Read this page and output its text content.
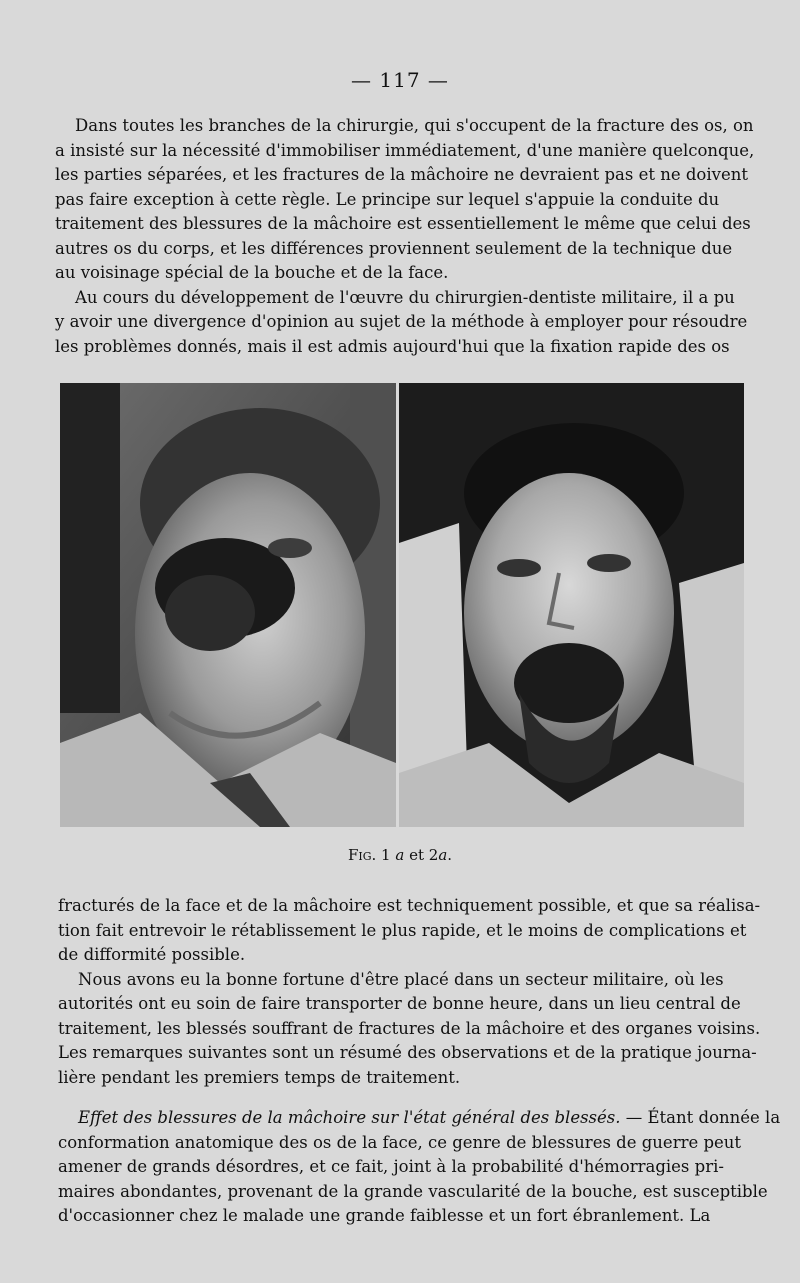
— 117 —
Dans toutes les branches de la chirurgie, qui s'occupent de la fracture des os, on
a insisté sur la nécessité d'immobiliser immédiatement, d'une manière quelconque,
les parties séparées, et les fractures de la mâchoire ne devraient pas et ne doivent
pas faire exception à cette règle. Le principe sur lequel s'appuie la conduite du
traitement des blessures de la mâchoire est essentiellement le même que celui des
autres os du corps, et les différences proviennent seulement de la technique due
au voisinage spécial de la bouche et de la face.
Au cours du développement de l'œuvre du chirurgien-dentiste militaire, il a pu
y avoir une divergence d'opinion au sujet de la méthode à employer pour résoudre
les problèmes donnés, mais il est admis aujourd'hui que la fixation rapide des os
Fig. 1 a et 2a.
fracturés de la face et de la mâchoire est techniquement possible, et que sa réalisa-
tion fait entrevoir le rétablissement le plus rapide, et le moins de complications et
de difformité possible.
Nous avons eu la bonne fortune d'être placé dans un secteur militaire, où les
autorités ont eu soin de faire transporter de bonne heure, dans un lieu central de
traitement, les blessés souffrant de fractures de la mâchoire et des organes voisins.
Les remarques suivantes sont un résumé des observations et de la pratique journa-
lière pendant les premiers temps de traitement.
Effet des blessures de la mâchoire sur l'état général des blessés. — Étant donnée la
conformation anatomique des os de la face, ce genre de blessures de guerre peut
amener de grands désordres, et ce fait, joint à la probabilité d'hémorragies pri-
maires abondantes, provenant de la grande vascularité de la bouche, est susceptible
d'occasionner chez le malade une grande faiblesse et un fort ébranlement. La
